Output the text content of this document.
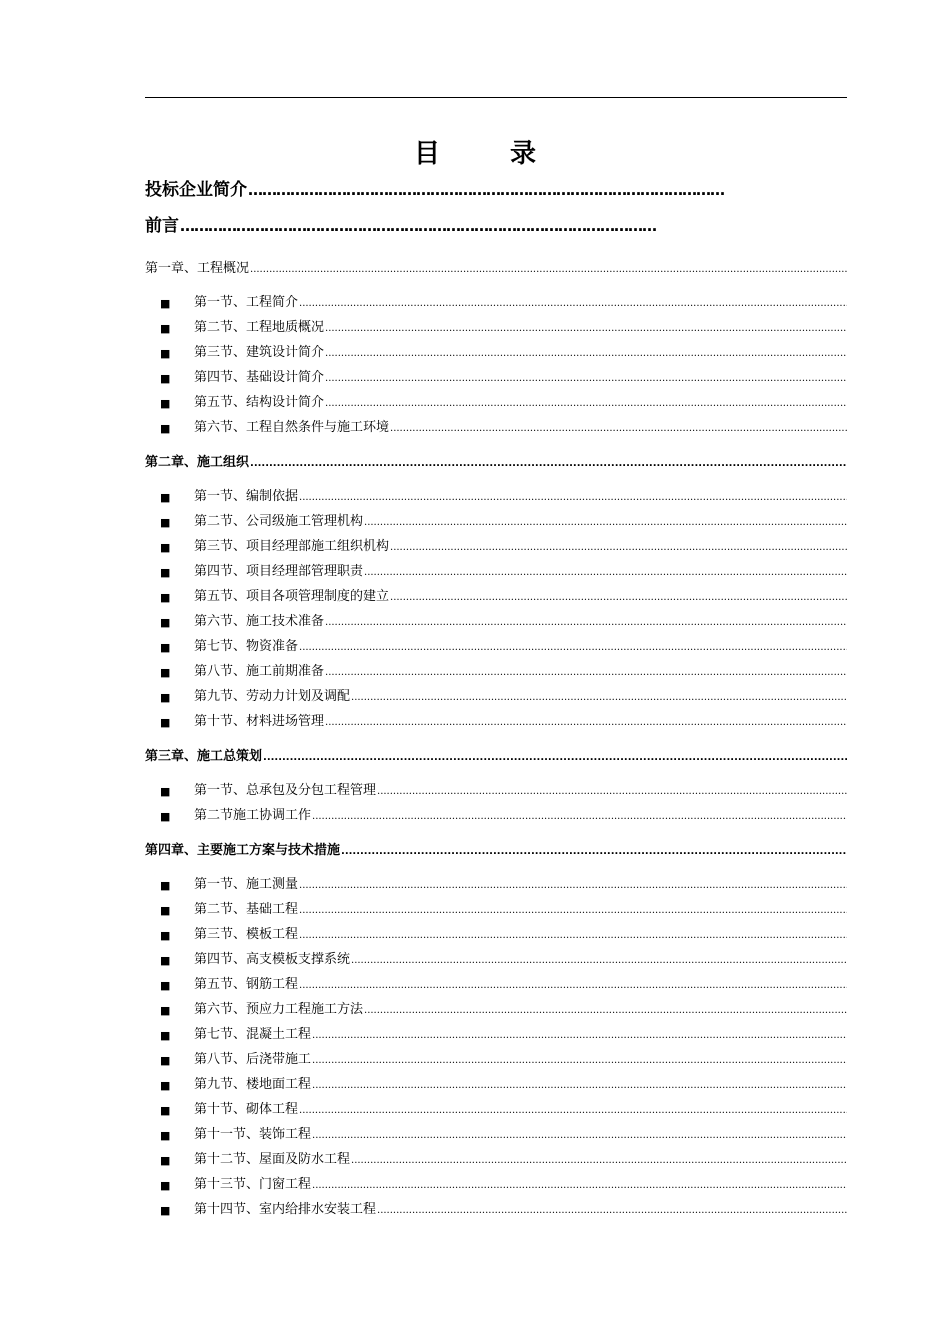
目	录
投标企业简介
…………………………………………………………………………………………
前言
…………………………………………………………………………………………
第一章、工程概况
.....
■	第一节、工程简介
.....
■	第二节、工程地质概况
.....
■	第三节、建筑设计简介
.....
■	第四节、基础设计简介
.....
■	第五节、结构设计简介
.....
■	第六节、工程自然条件与施工环境
.....
第二章、施工组织
.....
■	第一节、编制依据
.....
■	第二节、公司级施工管理机构
.....
■	第三节、项目经理部施工组织机构
.....
■	第四节、项目经理部管理职责
.....
■	第五节、项目各项管理制度的建立
.....
■	第六节、施工技术准备
.....
■	第七节、物资准备
.....
■	第八节、施工前期准备
.....
■	第九节、劳动力计划及调配
.....
■	第十节、材料进场管理
.....
第三章、施工总策划
.....
■	第一节、总承包及分包工程管理
.....
■	第二节施工协调工作
.....
第四章、主要施工方案与技术措施
.....
■	第一节、施工测量
.....
■	第二节、基础工程
.....
■	第三节、模板工程
.....
■	第四节、高支模板支撑系统
.....
■	第五节、钢筋工程
.....
■	第六节、预应力工程施工方法
.....
■	第七节、混凝土工程
.....
■	第八节、后浇带施工
.....
■	第九节、楼地面工程
.....
■	第十节、砌体工程
.....
■	第十一节、装饰工程
.....
■	第十二节、屋面及防水工程
.....
■	第十三节、门窗工程
.....
■	第十四节、室内给排水安装工程
.....
